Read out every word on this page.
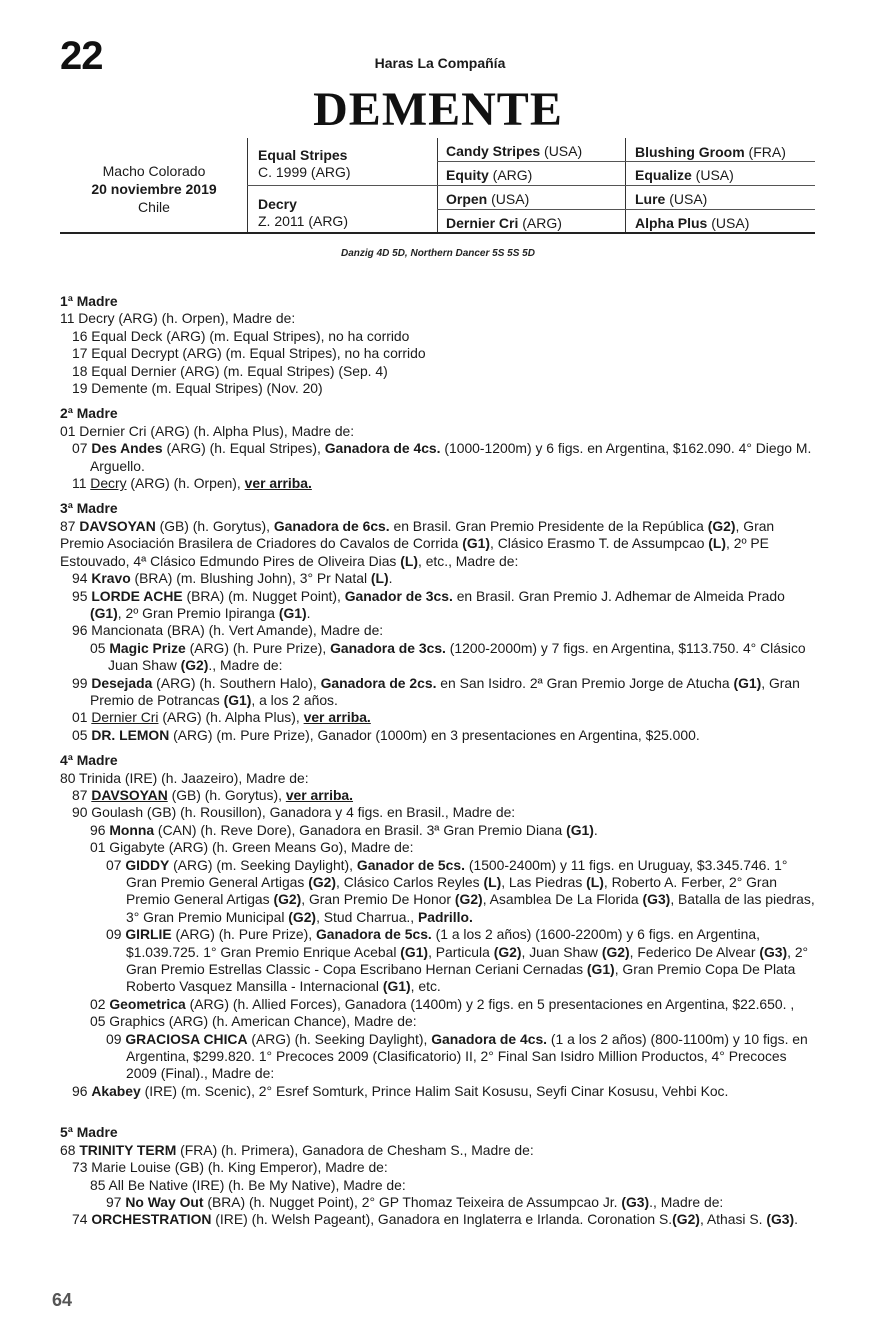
22	Haras La Compañía
DEMENTE
Macho Colorado
20 noviembre 2019
Chile
Equal Stripes
C. 1999 (ARG)
Decry
Z. 2011 (ARG)
Candy Stripes (USA)
Equity (ARG)
Orpen (USA)
Dernier Cri (ARG)
Blushing Groom (FRA)
Equalize (USA)
Lure (USA)
Alpha Plus (USA)
Danzig 4D 5D, Northern Dancer 5S 5S 5D
1ª Madre
11 Decry (ARG) (h. Orpen), Madre de:
16 Equal Deck (ARG) (m. Equal Stripes), no ha corrido
17 Equal Decrypt (ARG) (m. Equal Stripes), no ha corrido
18 Equal Dernier (ARG) (m. Equal Stripes) (Sep. 4)
19 Demente (m. Equal Stripes) (Nov. 20)
2ª Madre
01 Dernier Cri (ARG) (h. Alpha Plus), Madre de:
07 Des Andes (ARG) (h. Equal Stripes), Ganadora de 4cs. (1000-1200m) y 6 figs. en Argentina, $162.090. 4° Diego M. Arguello.
11 Decry (ARG) (h. Orpen), ver arriba.
3ª Madre
87 DAVSOYAN (GB) (h. Gorytus), Ganadora de 6cs. en Brasil. Gran Premio Presidente de la República (G2), Gran Premio Asociación Brasilera de Criadores do Cavalos de Corrida (G1), Clásico Erasmo T. de Assumpcao (L), 2º PE Estouvado, 4ª Clásico Edmundo Pires de Oliveira Dias (L), etc., Madre de:
94 Kravo (BRA) (m. Blushing John), 3° Pr Natal (L).
95 LORDE ACHE (BRA) (m. Nugget Point), Ganador de 3cs. en Brasil. Gran Premio J. Adhemar de Almeida Prado (G1), 2º Gran Premio Ipiranga (G1).
96 Mancionata (BRA) (h. Vert Amande), Madre de:
05 Magic Prize (ARG) (h. Pure Prize), Ganadora de 3cs. (1200-2000m) y 7 figs. en Argentina, $113.750. 4° Clásico Juan Shaw (G2)., Madre de:
99 Desejada (ARG) (h. Southern Halo), Ganadora de 2cs. en San Isidro. 2ª Gran Premio Jorge de Atucha (G1), Gran Premio de Potrancas (G1), a los 2 años.
01 Dernier Cri (ARG) (h. Alpha Plus), ver arriba.
05 DR. LEMON (ARG) (m. Pure Prize), Ganador (1000m) en 3 presentaciones en Argentina, $25.000.
4ª Madre
80 Trinida (IRE) (h. Jaazeiro), Madre de:
87 DAVSOYAN (GB) (h. Gorytus), ver arriba.
90 Goulash (GB) (h. Rousillon), Ganadora y 4 figs. en Brasil., Madre de:
96 Monna (CAN) (h. Reve Dore), Ganadora en Brasil. 3ª Gran Premio Diana (G1).
01 Gigabyte (ARG) (h. Green Means Go), Madre de:
07 GIDDY (ARG) (m. Seeking Daylight), Ganador de 5cs. (1500-2400m) y 11 figs. en Uruguay, $3.345.746. 1° Gran Premio General Artigas (G2), Clásico Carlos Reyles (L), Las Piedras (L), Roberto A. Ferber, 2° Gran Premio General Artigas (G2), Gran Premio De Honor (G2), Asamblea De La Florida (G3), Batalla de las piedras, 3° Gran Premio Municipal (G2), Stud Charrua., Padrillo.
09 GIRLIE (ARG) (h. Pure Prize), Ganadora de 5cs. (1 a los 2 años) (1600-2200m) y 6 figs. en Argentina, $1.039.725. 1° Gran Premio Enrique Acebal (G1), Particula (G2), Juan Shaw (G2), Federico De Alvear (G3), 2° Gran Premio Estrellas Classic - Copa Escribano Hernan Ceriani Cernadas (G1), Gran Premio Copa De Plata Roberto Vasquez Mansilla - Internacional (G1), etc.
02 Geometrica (ARG) (h. Allied Forces), Ganadora (1400m) y 2 figs. en 5 presentaciones en Argentina, $22.650. ,
05 Graphics (ARG) (h. American Chance), Madre de:
09 GRACIOSA CHICA (ARG) (h. Seeking Daylight), Ganadora de 4cs. (1 a los 2 años) (800-1100m) y 10 figs. en Argentina, $299.820. 1° Precoces 2009 (Clasificatorio) II, 2° Final San Isidro Million Productos, 4° Precoces 2009 (Final)., Madre de:
96 Akabey (IRE) (m. Scenic), 2° Esref Somturk, Prince Halim Sait Kosusu, Seyfi Cinar Kosusu, Vehbi Koc.
5ª Madre
68 TRINITY TERM (FRA) (h. Primera), Ganadora de Chesham S., Madre de:
73 Marie Louise (GB) (h. King Emperor), Madre de:
85 All Be Native (IRE) (h. Be My Native), Madre de:
97 No Way Out (BRA) (h. Nugget Point), 2° GP Thomaz Teixeira de Assumpcao Jr. (G3)., Madre de:
74 ORCHESTRATION (IRE) (h. Welsh Pageant), Ganadora en Inglaterra e Irlanda. Coronation S.(G2), Athasi S. (G3).
64
